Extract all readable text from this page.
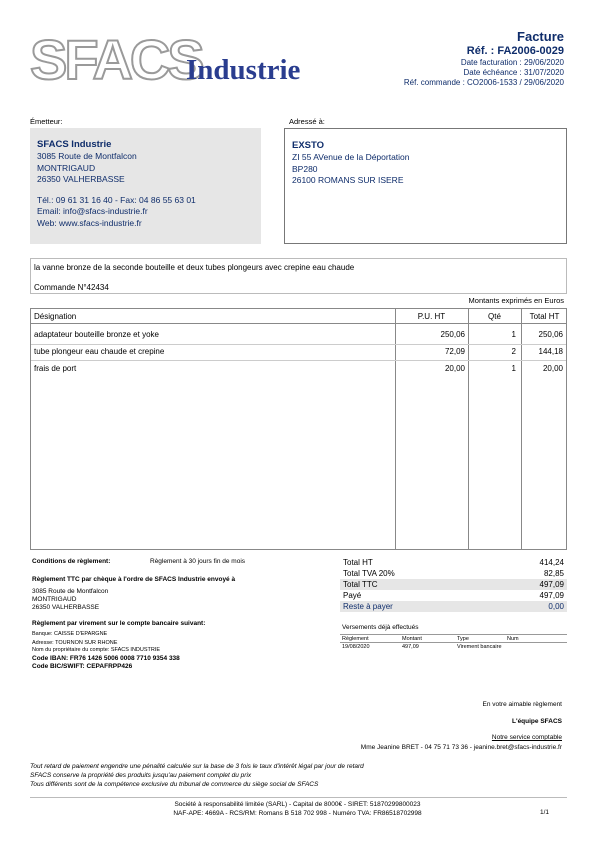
SFACS
Industrie
Facture
Réf. : FA2006-0029
Date facturation : 29/06/2020
Date échéance : 31/07/2020
Réf. commande : CO2006-1533 / 29/06/2020
Émetteur:	Adressé à:
SFACS Industrie
3085 Route de Montfalcon
MONTRIGAUD
26350 VALHERBASSE
Tél.: 09 61 31 16 40 - Fax: 04 86 55 63 01
Email: info@sfacs-industrie.fr
Web: www.sfacs-industrie.fr
EXSTO
ZI 55 AVenue de la Déportation
BP280
26100 ROMANS SUR ISERE
la vanne bronze de la seconde bouteille et deux tubes plongeurs avec crepine eau chaude
Commande N°42434
Montants exprimés en Euros
Désignation	P.U. HT	Qté	Total HT
adaptateur bouteille bronze et yoke	250,06	1	250,06
tube plongeur eau chaude et crepine	72,09	2	144,18
frais de port	20,00	1	20,00
Conditions de règlement:	Règlement à 30 jours fin de mois
Règlement TTC par chèque à l'ordre de SFACS Industrie envoyé à
3085 Route de Montfalcon
MONTRIGAUD
26350 VALHERBASSE
Règlement par virement sur le compte bancaire suivant:
Banque: CAISSE D'EPARGNE
Adresse: TOURNON SUR RHONE
Nom du propriétaire du compte: SFACS INDUSTRIE
Code IBAN: FR76 1426 5006 0008 7710 9354 338
Code BIC/SWIFT: CEPAFRPP426
Total HT	414,24
Total TVA 20%	82,85
Total TTC	497,09
Payé	497,09
Reste à payer	0,00
Versements déjà effectués
Règlement	Montant	Type	Num
19/08/2020	497,09	Virement bancaire
En votre aimable règlement
L'équipe SFACS
Notre service comptable
Mme Jeanine BRET - 04 75 71 73 36 - jeanine.bret@sfacs-industrie.fr
Tout retard de paiement engendre une pénalité calculée sur la base de 3 fois le taux d'intérêt légal par jour de retard
SFACS conserve la propriété des produits jusqu'au paiement complet du prix
Tous différents sont de la compétence exclusive du tribunal de commerce du siège social de SFACS
Société à responsabilité limitée (SARL) - Capital de 8000€ - SIRET: 51870299800023
NAF-APE: 4669A - RCS/RM: Romans B 518 702 998 - Numéro TVA: FR86518702998	1/1
